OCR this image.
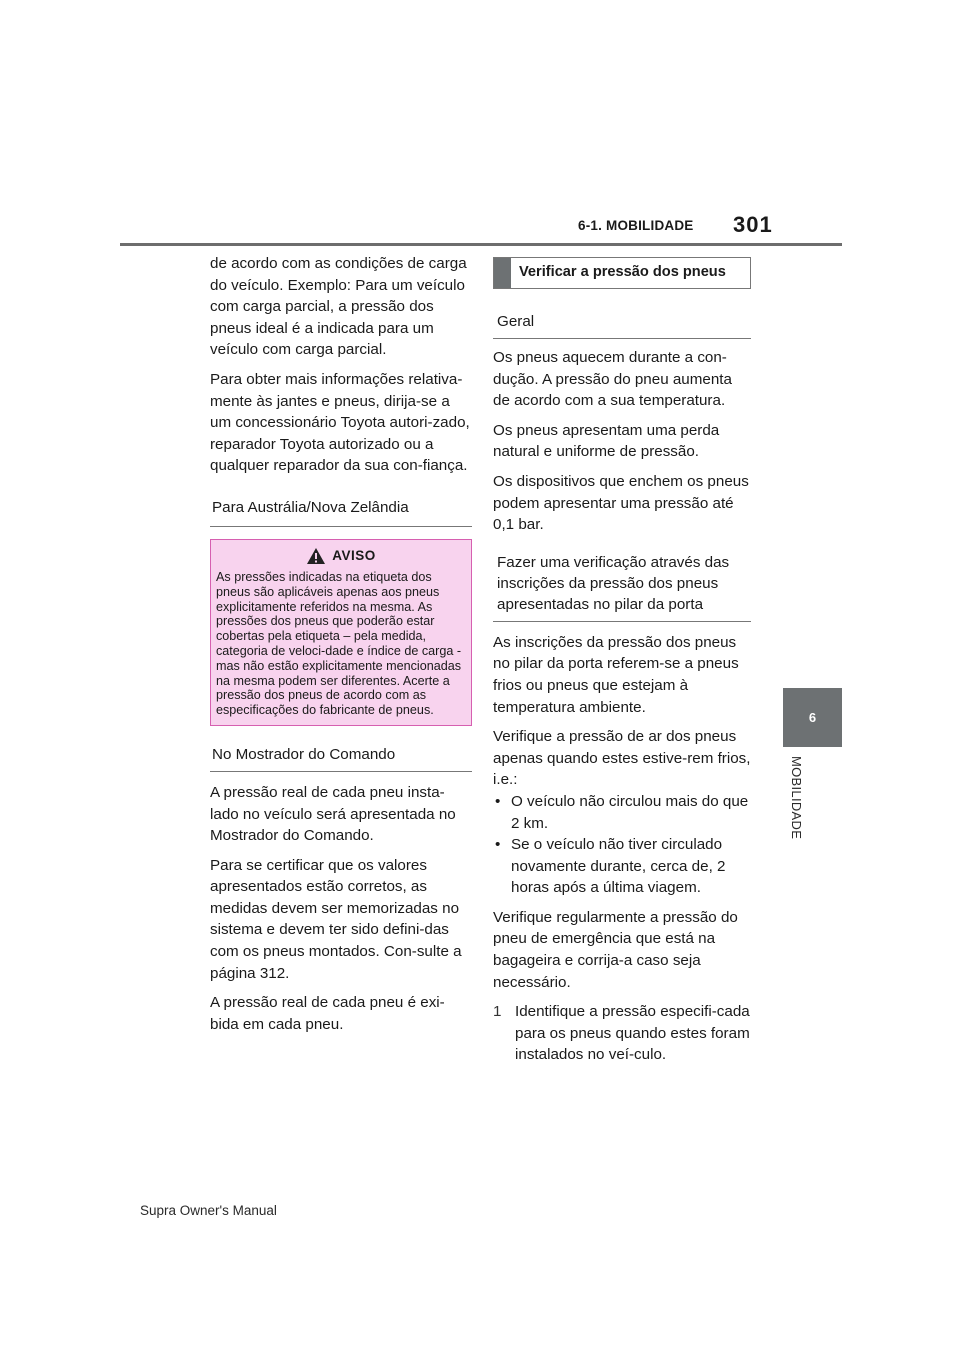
6-1. MOBILIDADE 301
6
MOBILIDADE

de acordo com as condições de carga do veículo. Exemplo: Para um veículo com carga parcial, a pressão dos pneus ideal é a indicada para um veículo com carga parcial.

Para obter mais informações relativa-mente às jantes e pneus, dirija-se a um concessionário Toyota autori-zado, reparador Toyota autorizado ou a qualquer reparador da sua con-fiança.

Para Austrália/Nova Zelândia
AVISO
As pressões indicadas na etiqueta dos pneus são aplicáveis apenas aos pneus explicitamente referidos na mesma. As pressões dos pneus que poderão estar cobertas pela etiqueta – pela medida, categoria de veloci-dade e índice de carga - mas não estão explicitamente mencionadas na mesma podem ser diferentes. Acerte a pressão dos pneus de acordo com as especificações do fabricante de pneus.
No Mostrador do Comando

A pressão real de cada pneu insta-lado no veículo será apresentada no Mostrador do Comando.

Para se certificar que os valores apresentados estão corretos, as medidas devem ser memorizadas no sistema e devem ter sido defini-das com os pneus montados. Con-sulte a página 312.

A pressão real de cada pneu é exi-bida em cada pneu.

Verificar a pressão dos pneus
Geral

Os pneus aquecem durante a con-dução. A pressão do pneu aumenta de acordo com a sua temperatura.

Os pneus apresentam uma perda natural e uniforme de pressão.

Os dispositivos que enchem os pneus podem apresentar uma pressão até 0,1 bar.

Fazer uma verificação através das inscrições da pressão dos pneus apresentadas no pilar da porta

As inscrições da pressão dos pneus no pilar da porta referem-se a pneus frios ou pneus que estejam à temperatura ambiente.

Verifique a pressão de ar dos pneus apenas quando estes estive-rem frios, i.e.:

• O veículo não circulou mais do que 2 km.
• Se o veículo não tiver circulado novamente durante, cerca de, 2 horas após a última viagem.

Verifique regularmente a pressão do pneu de emergência que está na bagageira e corrija-a caso seja necessário.

1 Identifique a pressão especifi-cada para os pneus quando estes foram instalados no veí-culo.
Supra Owner's Manual
